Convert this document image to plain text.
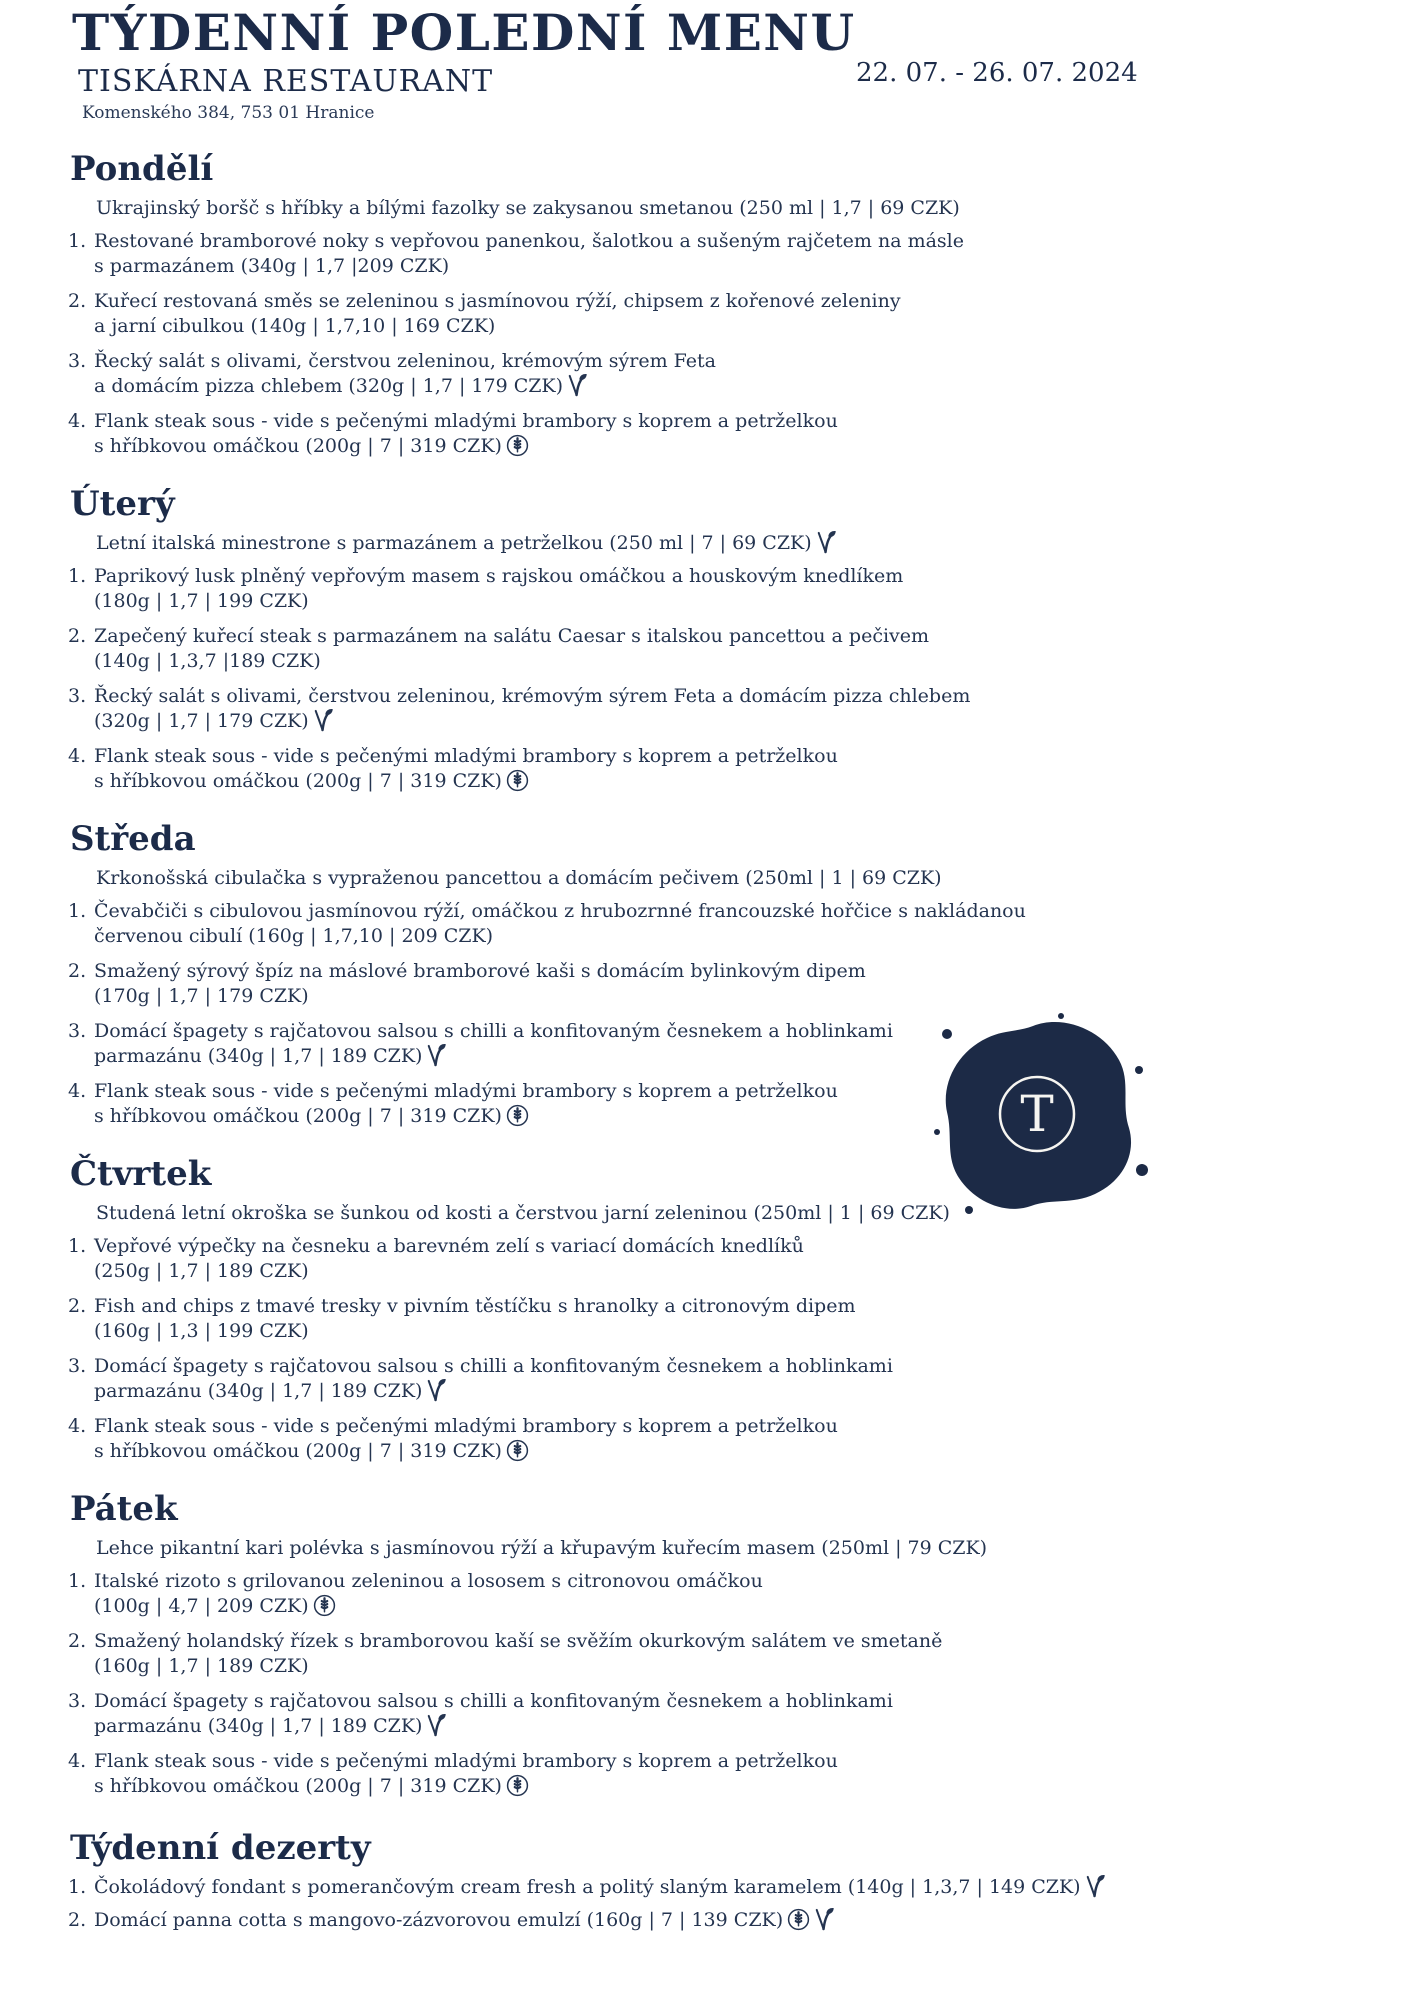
TÝDENNÍ POLEDNÍ MENU
22. 07. - 26. 07. 2024
TISKÁRNA RESTAURANT
Komenského 384, 753 01 Hranice
Pondělí
Ukrajinský boršč s hříbky a bílými fazolky se zakysanou smetanou (250 ml | 1,7 | 69 CZK)
1. Restované bramborové noky s vepřovou panenkou, šalotkou a sušeným rajčetem na másle
s parmazánem (340g | 1,7 |209 CZK)
2. Kuřecí restovaná směs se zeleninou s jasmínovou rýží, chipsem z kořenové zeleniny
a jarní cibulkou (140g | 1,7,10 | 169 CZK)
3. Řecký salát s olivami, čerstvou zeleninou, krémovým sýrem Feta
a domácím pizza chlebem (320g | 1,7 | 179 CZK)
4. Flank steak sous - vide s pečenými mladými brambory s koprem a petrželkou
s hříbkovou omáčkou (200g | 7 | 319 CZK)
Úterý
Letní italská minestrone s parmazánem a petrželkou (250 ml | 7 | 69 CZK)
1. Paprikový lusk plněný vepřovým masem s rajskou omáčkou a houskovým knedlíkem
(180g | 1,7 | 199 CZK)
2. Zapečený kuřecí steak s parmazánem na salátu Caesar s italskou pancettou a pečivem
(140g | 1,3,7 |189 CZK)
3. Řecký salát s olivami, čerstvou zeleninou, krémovým sýrem Feta a domácím pizza chlebem
(320g | 1,7 | 179 CZK)
4. Flank steak sous - vide s pečenými mladými brambory s koprem a petrželkou
s hříbkovou omáčkou (200g | 7 | 319 CZK)
Středa
Krkonošská cibulačka s vypraženou pancettou a domácím pečivem (250ml | 1 | 69 CZK)
1. Čevabčiči s cibulovou jasmínovou rýží, omáčkou z hrubozrnné francouzské hořčice s nakládanou
červenou cibulí (160g | 1,7,10 | 209 CZK)
2. Smažený sýrový špíz na máslové bramborové kaši s domácím bylinkovým dipem
(170g | 1,7 | 179 CZK)
3. Domácí špagety s rajčatovou salsou s chilli a konfitovaným česnekem a hoblinkami
parmazánu (340g | 1,7 | 189 CZK)
4. Flank steak sous - vide s pečenými mladými brambory s koprem a petrželkou
s hříbkovou omáčkou (200g | 7 | 319 CZK)
Čtvrtek
Studená letní okroška se šunkou od kosti a čerstvou jarní zeleninou (250ml | 1 | 69 CZK)
1. Vepřové výpečky na česneku a barevném zelí s variací domácích knedlíků
(250g | 1,7 | 189 CZK)
2. Fish and chips z tmavé tresky v pivním těstíčku s hranolky a citronovým dipem
(160g | 1,3 | 199 CZK)
3. Domácí špagety s rajčatovou salsou s chilli a konfitovaným česnekem a hoblinkami
parmazánu (340g | 1,7 | 189 CZK)
4. Flank steak sous - vide s pečenými mladými brambory s koprem a petrželkou
s hříbkovou omáčkou (200g | 7 | 319 CZK)
Pátek
Lehce pikantní kari polévka s jasmínovou rýží a křupavým kuřecím masem (250ml | 79 CZK)
1. Italské rizoto s grilovanou zeleninou a lososem s citronovou omáčkou
(100g | 4,7 | 209 CZK)
2. Smažený holandský řízek s bramborovou kaší se svěžím okurkovým salátem ve smetaně
(160g | 1,7 | 189 CZK)
3. Domácí špagety s rajčatovou salsou s chilli a konfitovaným česnekem a hoblinkami
parmazánu (340g | 1,7 | 189 CZK)
4. Flank steak sous - vide s pečenými mladými brambory s koprem a petrželkou
s hříbkovou omáčkou (200g | 7 | 319 CZK)
Týdenní dezerty
1. Čokoládový fondant s pomerančovým cream fresh a politý slaným karamelem (140g | 1,3,7 | 149 CZK)
2. Domácí panna cotta s mangovo-zázvorovou emulzí (160g | 7 | 139 CZK)
T
